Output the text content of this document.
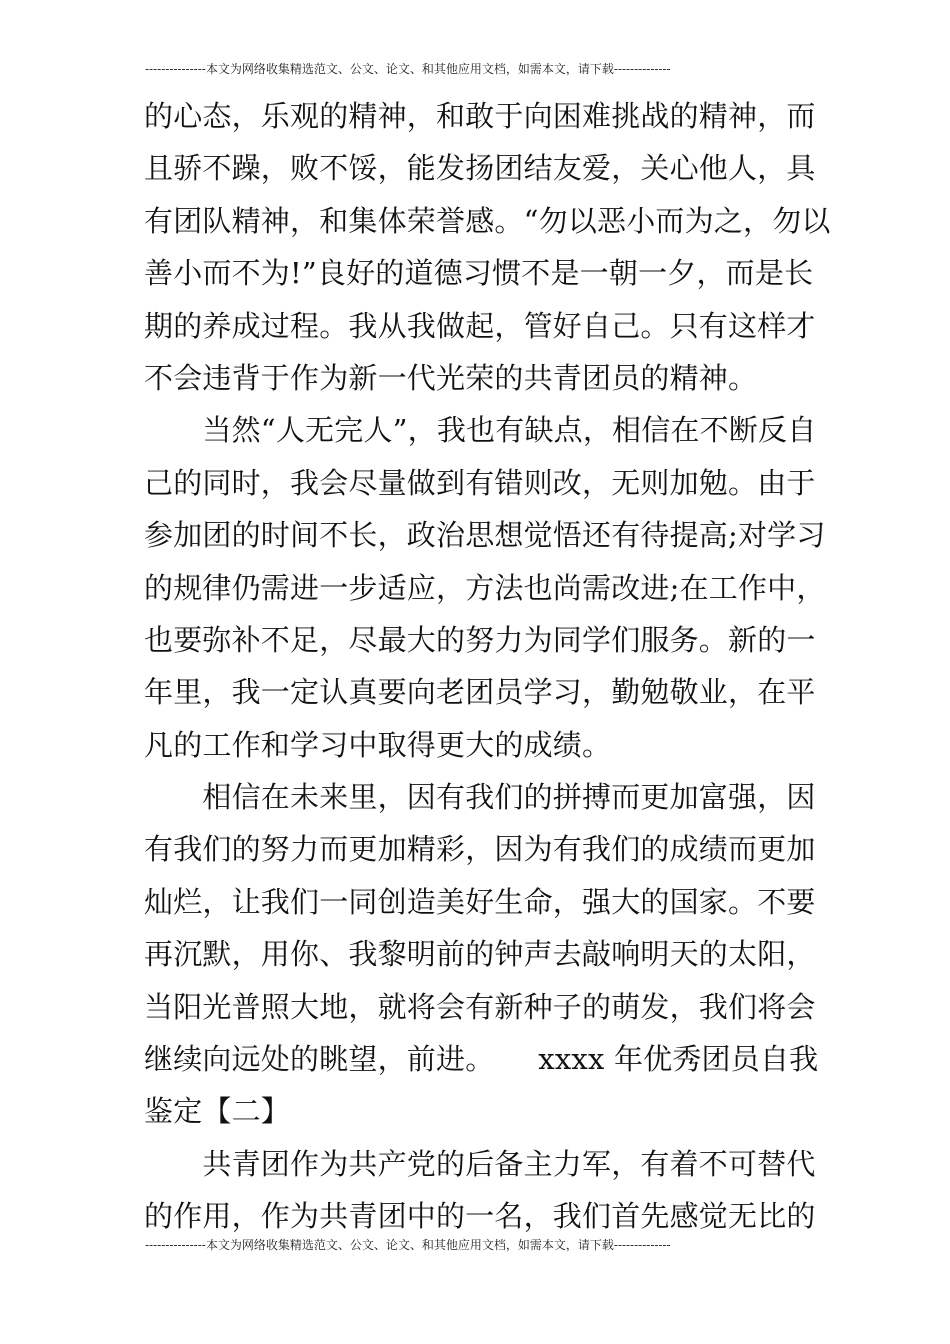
---------------本文为网络收集精选范文、公文、论文、和其他应用文档，如需本文，请下载--------------
的心态，乐观的精神，和敢于向困难挑战的精神，而
且骄不躁，败不馁，能发扬团结友爱，关心他人，具
有团队精神，和集体荣誉感。“勿以恶小而为之，勿以
善小而不为!”良好的道德习惯不是一朝一夕，而是长
期的养成过程。我从我做起，管好自己。只有这样才
不会违背于作为新一代光荣的共青团员的精神。
　　当然“人无完人”，我也有缺点，相信在不断反自
己的同时，我会尽量做到有错则改，无则加勉。由于
参加团的时间不长，政治思想觉悟还有待提高;对学习
的规律仍需进一步适应，方法也尚需改进;在工作中，
也要弥补不足，尽最大的努力为同学们服务。新的一
年里，我一定认真要向老团员学习，勤勉敬业，在平
凡的工作和学习中取得更大的成绩。
　　相信在未来里，因有我们的拼搏而更加富强，因
有我们的努力而更加精彩，因为有我们的成绩而更加
灿烂，让我们一同创造美好生命，强大的国家。不要
再沉默，用你、我黎明前的钟声去敲响明天的太阳，
当阳光普照大地，就将会有新种子的萌发，我们将会
继续向远处的眺望，前进。　　xxxx 年优秀团员自我
鉴定【二】
　　共青团作为共产党的后备主力军，有着不可替代
的作用，作为共青团中的一名，我们首先感觉无比的
---------------本文为网络收集精选范文、公文、论文、和其他应用文档，如需本文，请下载--------------
